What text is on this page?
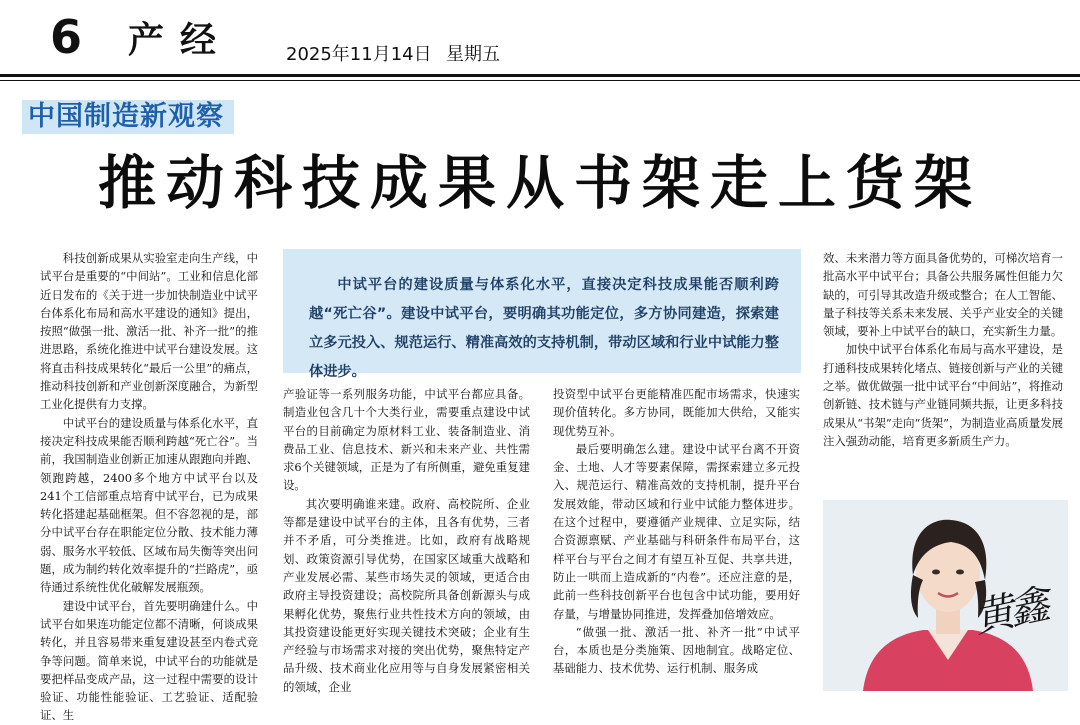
6 产经	2025年11月14日 星期五
中国制造新观察
推动科技成果从书架走上货架

科技创新成果从实验室走向生产线，中试平台是重要的“中间站”。工业和信息化部近日发布的《关于进一步加快制造业中试平台体系化布局和高水平建设的通知》提出，按照“做强一批、激活一批、补齐一批”的推进思路，系统化推进中试平台建设发展。这将直击科技成果转化“最后一公里”的痛点，推动科技创新和产业创新深度融合，为新型工业化提供有力支撑。

中试平台的建设质量与体系化水平，直接决定科技成果能否顺利跨越“死亡谷”。当前，我国制造业创新正加速从跟跑向并跑、领跑跨越，2400多个地方中试平台以及241个工信部重点培育中试平台，已为成果转化搭建起基础框架。但不容忽视的是，部分中试平台存在职能定位分散、技术能力薄弱、服务水平较低、区域布局失衡等突出问题，成为制约转化效率提升的“拦路虎”，亟待通过系统性优化破解发展瓶颈。

建设中试平台，首先要明确建什么。中试平台如果连功能定位都不清晰，何谈成果转化，并且容易带来重复建设甚至内卷式竞争等问题。简单来说，中试平台的功能就是要把样品变成产品，这一过程中需要的设计验证、功能性能验证、工艺验证、适配验证、生

中试平台的建设质量与体系化水平，直接决定科技成果能否顺利跨越“死亡谷”。建设中试平台，要明确其功能定位，多方协同建造，探索建立多元投入、规范运行、精准高效的支持机制，带动区域和行业中试能力整体进步。

产验证等一系列服务功能，中试平台都应具备。制造业包含几十个大类行业，需要重点建设中试平台的目前确定为原材料工业、装备制造业、消费品工业、信息技术、新兴和未来产业、共性需求6个关键领域，正是为了有所侧重，避免重复建设。

其次要明确谁来建。政府、高校院所、企业等都是建设中试平台的主体，且各有优势，三者并不矛盾，可分类推进。比如，政府有战略规划、政策资源引导优势，在国家区域重大战略和产业发展必需、某些市场失灵的领域，更适合由政府主导投资建设；高校院所具备创新源头与成果孵化优势，聚焦行业共性技术方向的领域，由其投资建设能更好实现关键技术突破；企业有生产经验与市场需求对接的突出优势，聚焦特定产品升级、技术商业化应用等与自身发展紧密相关的领域，企业

投资型中试平台更能精准匹配市场需求，快速实现价值转化。多方协同，既能加大供给，又能实现优势互补。

最后要明确怎么建。建设中试平台离不开资金、土地、人才等要素保障，需探索建立多元投入、规范运行、精准高效的支持机制，提升平台发展效能，带动区域和行业中试能力整体进步。在这个过程中，要遵循产业规律、立足实际，结合资源禀赋、产业基础与科研条件布局平台，这样平台与平台之间才有望互补互促、共享共进，防止一哄而上造成新的“内卷”。还应注意的是，此前一些科技创新平台也包含中试功能，要用好存量，与增量协同推进，发挥叠加倍增效应。

“做强一批、激活一批、补齐一批”中试平台，本质也是分类施策、因地制宜。战略定位、基础能力、技术优势、运行机制、服务成

效、未来潜力等方面具备优势的，可梯次培育一批高水平中试平台；具备公共服务属性但能力欠缺的，可引导其改造升级或整合；在人工智能、量子科技等关系未来发展、关乎产业安全的关键领域，要补上中试平台的缺口，充实新生力量。

加快中试平台体系化布局与高水平建设，是打通科技成果转化堵点、链接创新与产业的关键之举。做优做强一批中试平台“中间站”，将推动创新链、技术链与产业链同频共振，让更多科技成果从“书架”走向“货架”，为制造业高质量发展注入强劲动能，培育更多新质生产力。

黄鑫
